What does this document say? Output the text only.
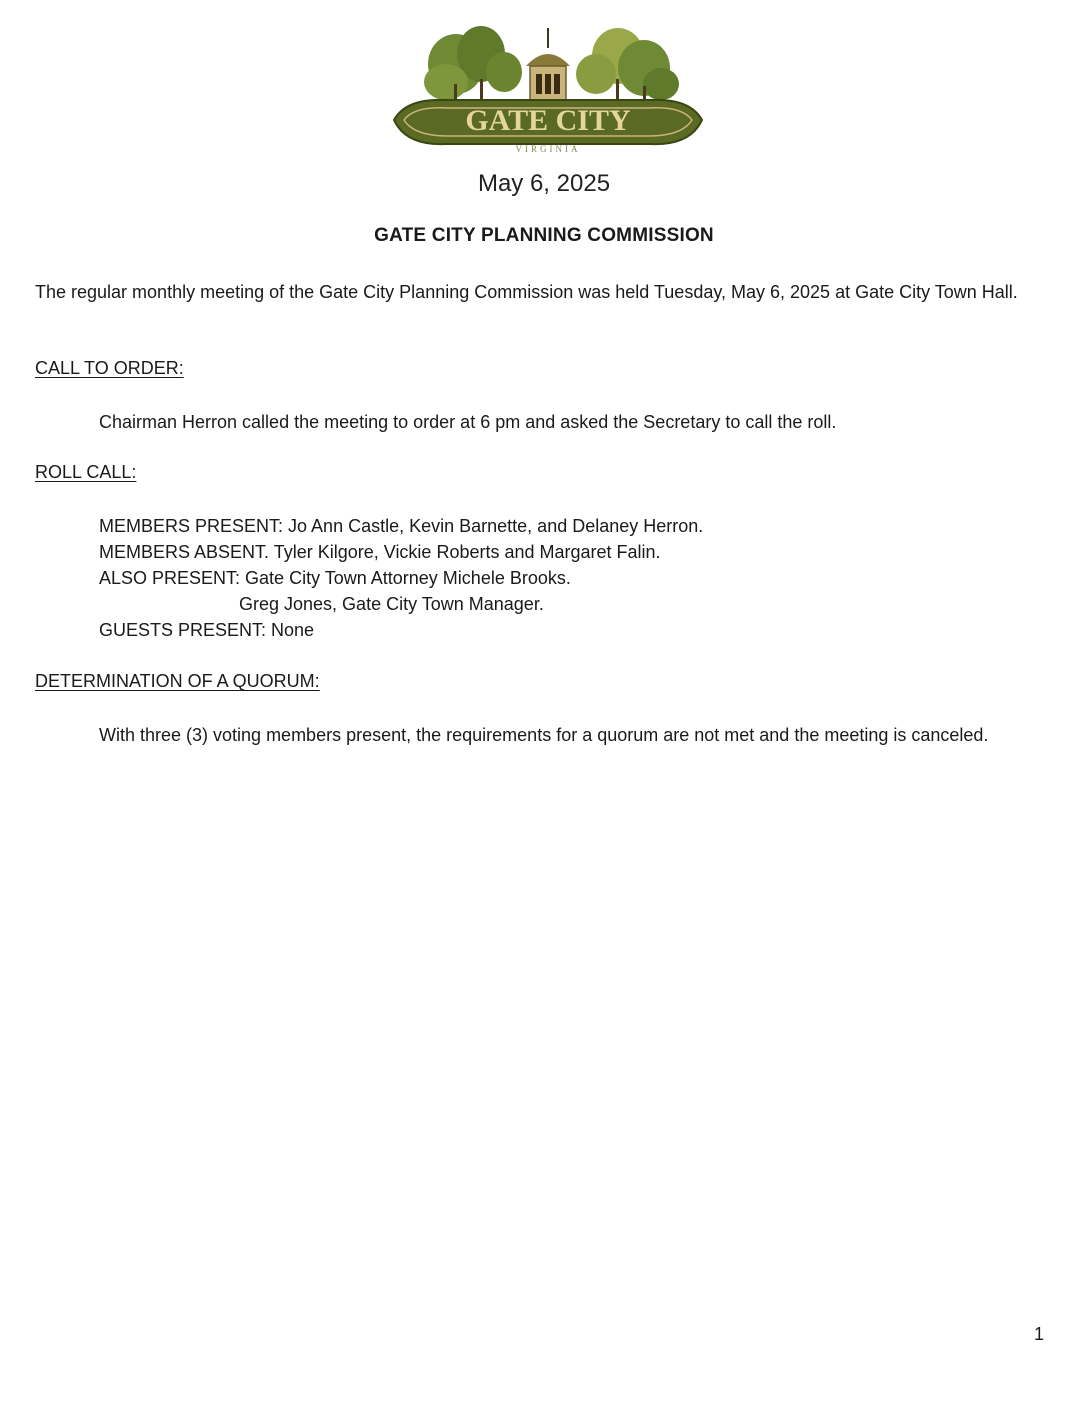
GATE CITY
VIRGINIA
May 6, 2025
GATE CITY PLANNING COMMISSION
The regular monthly meeting of the Gate City Planning Commission was held Tuesday, May 6, 2025 at Gate City Town Hall.
CALL TO ORDER:
Chairman Herron called the meeting to order at 6 pm and asked the Secretary to call the roll.
ROLL CALL:
MEMBERS PRESENT: Jo Ann Castle, Kevin Barnette, and Delaney Herron.
MEMBERS ABSENT. Tyler Kilgore, Vickie Roberts and Margaret Falin.
ALSO PRESENT: Gate City Town Attorney Michele Brooks.
Greg Jones, Gate City Town Manager.
GUESTS PRESENT: None
DETERMINATION OF A QUORUM:
With three (3) voting members present, the requirements for a quorum are not met and the meeting is canceled.
1
